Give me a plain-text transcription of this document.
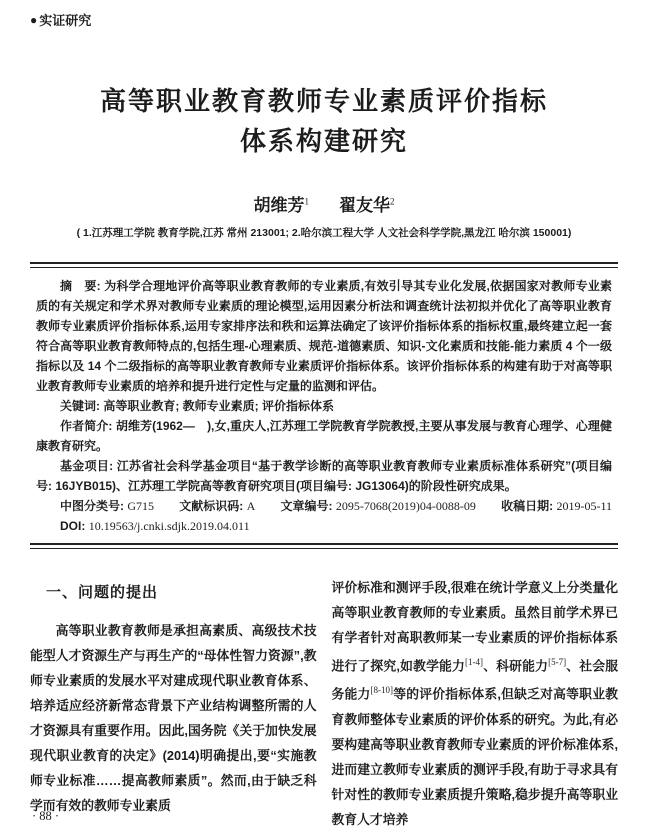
● 实证研究
高等职业教育教师专业素质评价指标
体系构建研究
胡维芳$^1$ 翟友华$^2$
( 1.江苏理工学院 教育学院,江苏 常州 213001; 2.哈尔滨工程大学 人文社会科学学院,黑龙江 哈尔滨 150001)

摘　要: 为科学合理地评价高等职业教育教师的专业素质,有效引导其专业化发展,依据国家对教师专业素质的有关规定和学术界对教师专业素质的理论模型,运用因素分析法和调查统计法初拟并优化了高等职业教育教师专业素质评价指标体系,运用专家排序法和秩和运算法确定了该评价指标体系的指标权重,最终建立起一套符合高等职业教育教师特点的,包括生理-心理素质、规范-道德素质、知识-文化素质和技能-能力素质 4 个一级指标以及 14 个二级指标的高等职业教育教师专业素质评价指标体系。该评价指标体系的构建有助于对高等职业教育教师专业素质的培养和提升进行定性与定量的监测和评估。

关键词: 高等职业教育; 教师专业素质; 评价指标体系

作者简介: 胡维芳(1962—　),女,重庆人,江苏理工学院教育学院教授,主要从事发展与教育心理学、心理健康教育研究。

基金项目: 江苏省社会科学基金项目“基于教学诊断的高等职业教育教师专业素质标准体系研究”(项目编号: 16JYB015)、江苏理工学院高等教育研究项目(项目编号: JG13064)的阶段性研究成果。

中图分类号: G715 文献标识码: A 文章编号: 2095-7068(2019)04-0088-09 收稿日期: 2019-05-11

DOI: 10.19563/j.cnki.sdjk.2019.04.011

一、问题的提出

高等职业教育教师是承担高素质、高级技术技能型人才资源生产与再生产的“母体性智力资源”,教师专业素质的发展水平对建成现代职业教育体系、培养适应经济新常态背景下产业结构调整所需的人才资源具有重要作用。因此,国务院《关于加快发展现代职业教育的决定》(2014)明确提出,要“实施教师专业标准……提高教师素质”。然而,由于缺乏科学而有效的教师专业素质

评价标准和测评手段,很难在统计学意义上分类量化高等职业教育教师的专业素质。虽然目前学术界已有学者针对高职教师某一专业素质的评价指标体系进行了探究,如教学能力[1-4]、科研能力[5-7]、社会服务能力[8-10]等的评价指标体系,但缺乏对高等职业教育教师整体专业素质的评价体系的研究。为此,有必要构建高等职业教育教师专业素质的评价标准体系,进而建立教师专业素质的测评手段,有助于寻求具有针对性的教师专业素质提升策略,稳步提升高等职业教育人才培养

· 88 ·
